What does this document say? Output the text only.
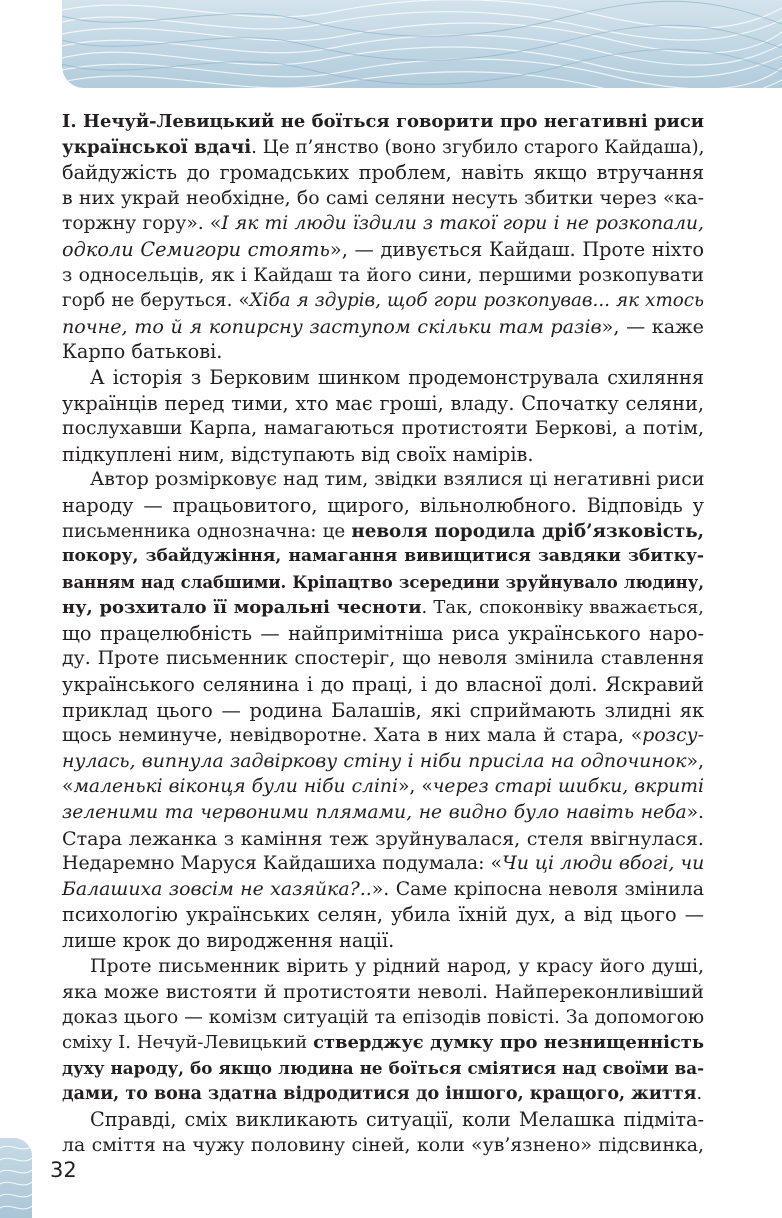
І. Нечуй-Левицький не боїться говорити про негативні риси
української вдачі. Це п’янство (воно згубило старого Кайдаша),
байдужість до громадських проблем, навіть якщо втручання
в них украй необхідне, бо самі селяни несуть збитки через «ка-
торжну гору». «І як ті люди їздили з такої гори і не розкопали,
одколи Семигори стоять», — дивується Кайдаш. Проте ніхто
з односельців, як і Кайдаш та його сини, першими розкопувати
горб не беруться. «Хіба я здурів, щоб гори розкопував... як хтось
почне, то й я копирсну заступом скільки там разів», — каже
Карпо батькові.
А історія з Берковим шинком продемонструвала схиляння
українців перед тими, хто має гроші, владу. Спочатку селяни,
послухавши Карпа, намагаються протистояти Беркові, а потім,
підкуплені ним, відступають від своїх намірів.
Автор розмірковує над тим, звідки взялися ці негативні риси
народу — працьовитого, щирого, вільнолюбного. Відповідь у
письменника однозначна: це неволя породила дріб’язковість,
покору, збайдужіння, намагання вивищитися завдяки збитку-
ванням над слабшими. Кріпацтво зсередини зруйнувало людину,
ну, розхитало її моральні чесноти. Так, споконвіку вважається,
що працелюбність — найпримітніша риса українського наро-
ду. Проте письменник спостеріг, що неволя змінила ставлення
українського селянина і до праці, і до власної долі. Яскравий
приклад цього — родина Балашів, які сприймають злидні як
щось неминуче, невідворотне. Хата в них мала й стара, «розсу-
нулась, випнула задвіркову стіну і ніби присіла на одпочинок»,
«маленькі віконця були ніби сліпі», «через старі шибки, вкриті
зеленими та червоними плямами, не видно було навіть неба».
Стара лежанка з каміння теж зруйнувалася, стеля ввігнулася.
Недаремно Маруся Кайдашиха подумала: «Чи ці люди вбогі, чи
Балашиха зовсім не хазяйка?..». Саме кріпосна неволя змінила
психологію українських селян, убила їхній дух, а від цього —
лише крок до виродження нації.
Проте письменник вірить у рідний народ, у красу його душі,
яка може вистояти й протистояти неволі. Найпереконливіший
доказ цього — комізм ситуацій та епізодів повісті. За допомогою
сміху І. Нечуй-Левицький стверджує думку про незнищенність
духу народу, бо якщо людина не боїться сміятися над своїми ва-
дами, то вона здатна відродитися до іншого, кращого, життя.
Справді, сміх викликають ситуації, коли Мелашка підміта-
ла сміття на чужу половину сіней, коли «ув’язнено» підсвинка,
32
